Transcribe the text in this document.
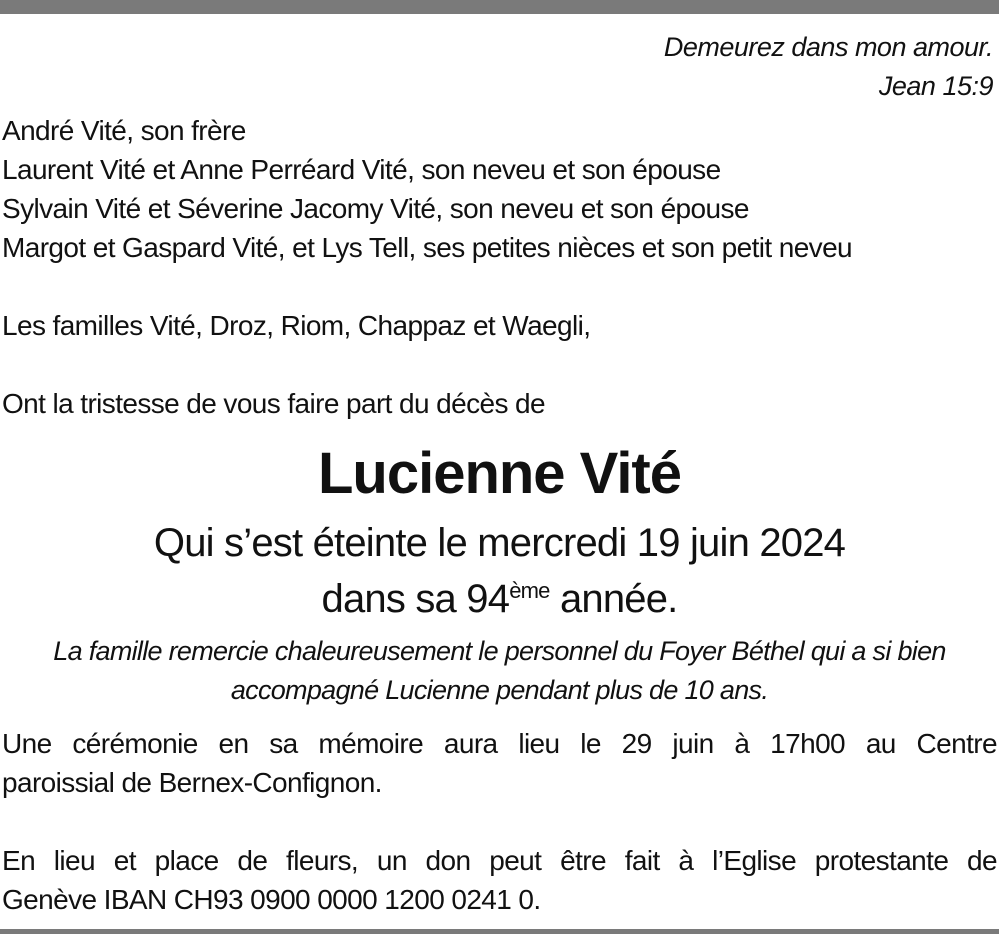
Demeurez dans mon amour.
Jean 15:9
André Vité, son frère
Laurent Vité et Anne Perréard Vité, son neveu et son épouse
Sylvain Vité et Séverine Jacomy Vité, son neveu et son épouse
Margot et Gaspard Vité, et Lys Tell, ses petites nièces et son petit neveu
Les familles Vité, Droz, Riom, Chappaz et Waegli,
Ont la tristesse de vous faire part du décès de
Lucienne Vité
Qui s’est éteinte le mercredi 19 juin 2024
dans sa 94ème année.
La famille remercie chaleureusement le personnel du Foyer Béthel qui a si bien
accompagné Lucienne pendant plus de 10 ans.
Une cérémonie en sa mémoire aura lieu le 29 juin à 17h00 au Centre
paroissial de Bernex-Confignon.
En lieu et place de fleurs, un don peut être fait à l’Eglise protestante de
Genève IBAN CH93 0900 0000 1200 0241 0.
